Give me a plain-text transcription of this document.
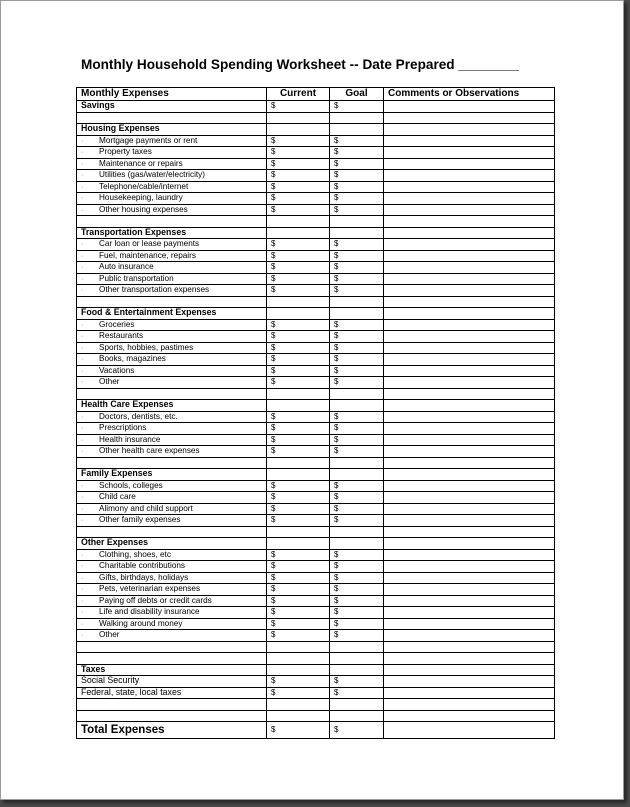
Monthly Household Spending Worksheet -- Date Prepared ________
Monthly Expenses	Current	Goal	Comments or Observations
Savings	$	$	

Housing Expenses			
· Mortgage payments or rent	$	$	
· Property taxes	$	$	
· Maintenance or repairs	$	$	
· Utilities (gas/water/electricity)	$	$	
· Telephone/cable/internet	$	$	
· Housekeeping, laundry	$	$	
· Other housing expenses	$	$	

Transportation Expenses			
· Car loan or lease payments	$	$	
· Fuel, maintenance, repairs	$	$	
· Auto insurance	$	$	
· Public transportation	$	$	
· Other transportation expenses	$	$	

Food & Entertainment Expenses			
· Groceries	$	$	
· Restaurants	$	$	
· Sports, hobbies, pastimes	$	$	
· Books, magazines	$	$	
· Vacations	$	$	
· Other	$	$	

Health Care Expenses			
· Doctors, dentists, etc.	$	$	
· Prescriptions	$	$	
· Health insurance	$	$	
· Other health care expenses	$	$	

Family Expenses			
· Schools, colleges	$	$	
· Child care	$	$	
· Alimony and child support	$	$	
· Other family expenses	$	$	

Other Expenses			
· Clothing, shoes, etc	$	$	
· Charitable contributions	$	$	
· Gifts, birthdays, holidays	$	$	
· Pets, veterinarian expenses	$	$	
· Paying off debts or credit cards	$	$	
· Life and disability insurance	$	$	
· Walking around money	$	$	
· Other	$	$	

Taxes			
Social Security	$	$	
Federal, state, local taxes	$	$	

Total Expenses	$	$	
